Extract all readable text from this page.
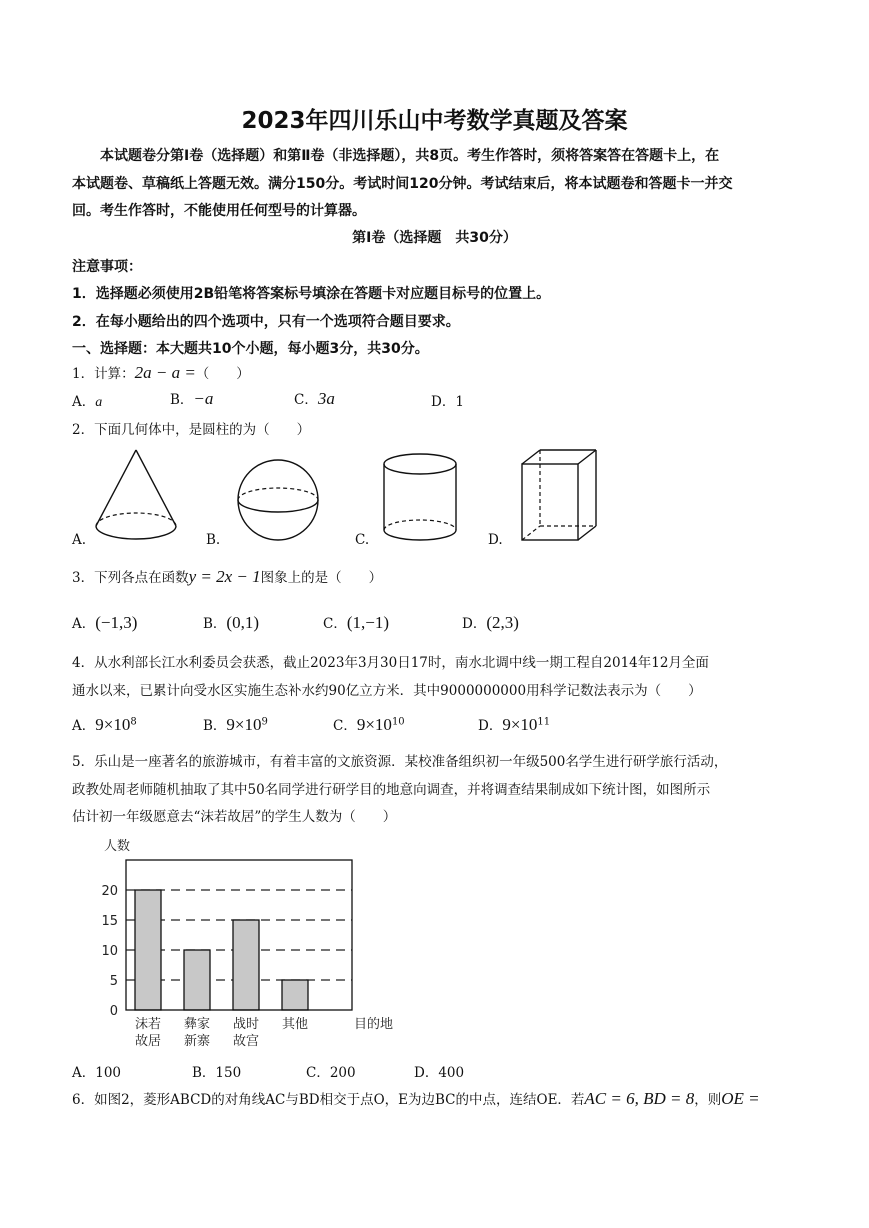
2023年四川乐山中考数学真题及答案

本试题卷分第Ⅰ卷（选择题）和第Ⅱ卷（非选择题），共8页。考生作答时，须将答案答在答题卡上，在

本试题卷、草稿纸上答题无效。满分150分。考试时间120分钟。考试结束后，将本试题卷和答题卡一并交

回。考生作答时，不能使用任何型号的计算器。

第Ⅰ卷（选择题　共30分）
注意事项：
1．选择题必须使用2B铅笔将答案标号填涂在答题卡对应题目标号的位置上。
2．在每小题给出的四个选项中，只有一个选项符合题目要求。
一、选择题：本大题共10个小题，每小题3分，共30分。
1．计算：2a − a =（　　）
A．a	B．−a	C．3a	D．1
2．下面几何体中，是圆柱的为（　　）
A.	B.	C.	D.
3．下列各点在函数y = 2x − 1图象上的是（　　）
A．(−1,3)	B．(0,1)	C．(1,−1)	D．(2,3)
4．从水利部长江水利委员会获悉，截止2023年3月30日17时，南水北调中线一期工程自2014年12月全面
通水以来，已累计向受水区实施生态补水约90亿立方米．其中9000000000用科学记数法表示为（　　）
A．$9\times 10^8$	B．$9\times 10^9$	C．$9\times 10^{10}$	D．$9\times 10^{11}$
5．乐山是一座著名的旅游城市，有着丰富的文旅资源．某校准备组织初一年级500名学生进行研学旅行活动，
政教处周老师随机抽取了其中50名同学进行研学目的地意向调查，并将调查结果制成如下统计图，如图所示
估计初一年级愿意去“沫若故居”的学生人数为（　　）
人数
0
5
10
15
20
沫若
故居
彝家
新寨
战时
故宫
其他	目的地
A．100	B．150	C．200	D．400
6．如图2，菱形ABCD的对角线AC与BD相交于点O，E为边BC的中点，连结OE．若AC = 6, BD = 8，则OE =
